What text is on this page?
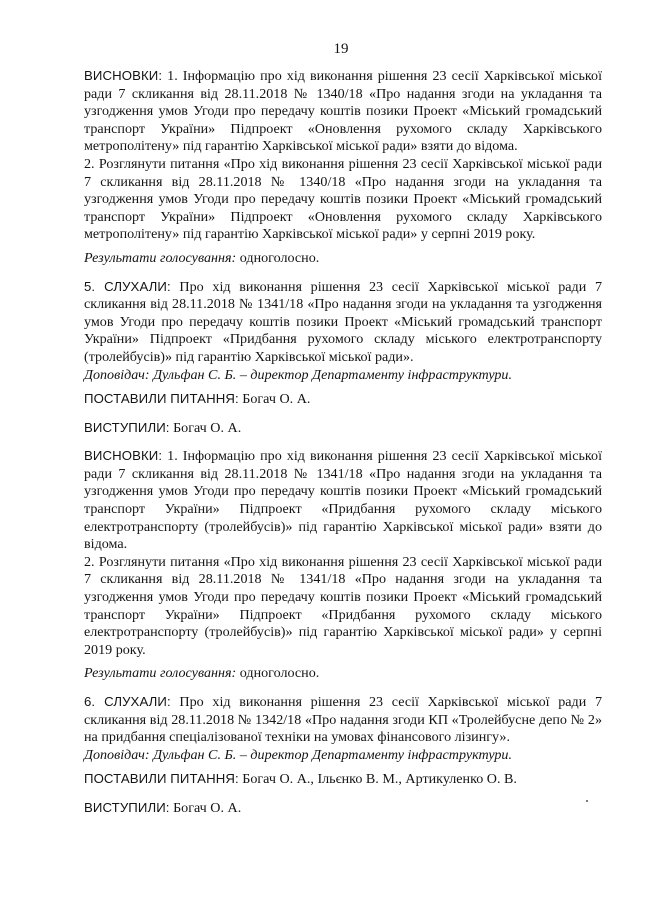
19

ВИСНОВКИ: 1. Інформацію про хід виконання рішення 23 сесії Харківської міської ради 7 скликання від 28.11.2018 № 1340/18 «Про надання згоди на укладання та узгодження умов Угоди про передачу коштів позики Проект «Міський громадський транспорт України» Підпроект «Оновлення рухомого складу Харківського метрополітену» під гарантію Харківської міської ради» взяти до відома.

2. Розглянути питання «Про хід виконання рішення 23 сесії Харківської міської ради 7 скликання від 28.11.2018 № 1340/18 «Про надання згоди на укладання та узгодження умов Угоди про передачу коштів позики Проект «Міський громадський транспорт України» Підпроект «Оновлення рухомого складу Харківського метрополітену» під гарантію Харківської міської ради» у серпні 2019 року.

Результати голосування: одноголосно.

5. СЛУХАЛИ: Про хід виконання рішення 23 сесії Харківської міської ради 7 скликання від 28.11.2018 № 1341/18 «Про надання згоди на укладання та узгодження умов Угоди про передачу коштів позики Проект «Міський громадський транспорт України» Підпроект «Придбання рухомого складу міського електротранспорту (тролейбусів)» під гарантію Харківської міської ради».

Доповідач: Дульфан С. Б. – директор Департаменту інфраструктури.

ПОСТАВИЛИ ПИТАННЯ: Богач О. А.

ВИСТУПИЛИ: Богач О. А.

ВИСНОВКИ: 1. Інформацію про хід виконання рішення 23 сесії Харківської міської ради 7 скликання від 28.11.2018 № 1341/18 «Про надання згоди на укладання та узгодження умов Угоди про передачу коштів позики Проект «Міський громадський транспорт України» Підпроект «Придбання рухомого складу міського електротранспорту (тролейбусів)» під гарантію Харківської міської ради» взяти до відома.

2. Розглянути питання «Про хід виконання рішення 23 сесії Харківської міської ради 7 скликання від 28.11.2018 № 1341/18 «Про надання згоди на укладання та узгодження умов Угоди про передачу коштів позики Проект «Міський громадський транспорт України» Підпроект «Придбання рухомого складу міського електротранспорту (тролейбусів)» під гарантію Харківської міської ради» у серпні 2019 року.

Результати голосування: одноголосно.

6. СЛУХАЛИ: Про хід виконання рішення 23 сесії Харківської міської ради 7 скликання від 28.11.2018 № 1342/18 «Про надання згоди КП «Тролейбусне депо № 2» на придбання спеціалізованої техніки на умовах фінансового лізингу».

Доповідач: Дульфан С. Б. – директор Департаменту інфраструктури.

ПОСТАВИЛИ ПИТАННЯ: Богач О. А., Ільєнко В. М., Артикуленко О. В.

ВИСТУПИЛИ: Богач О. А.
